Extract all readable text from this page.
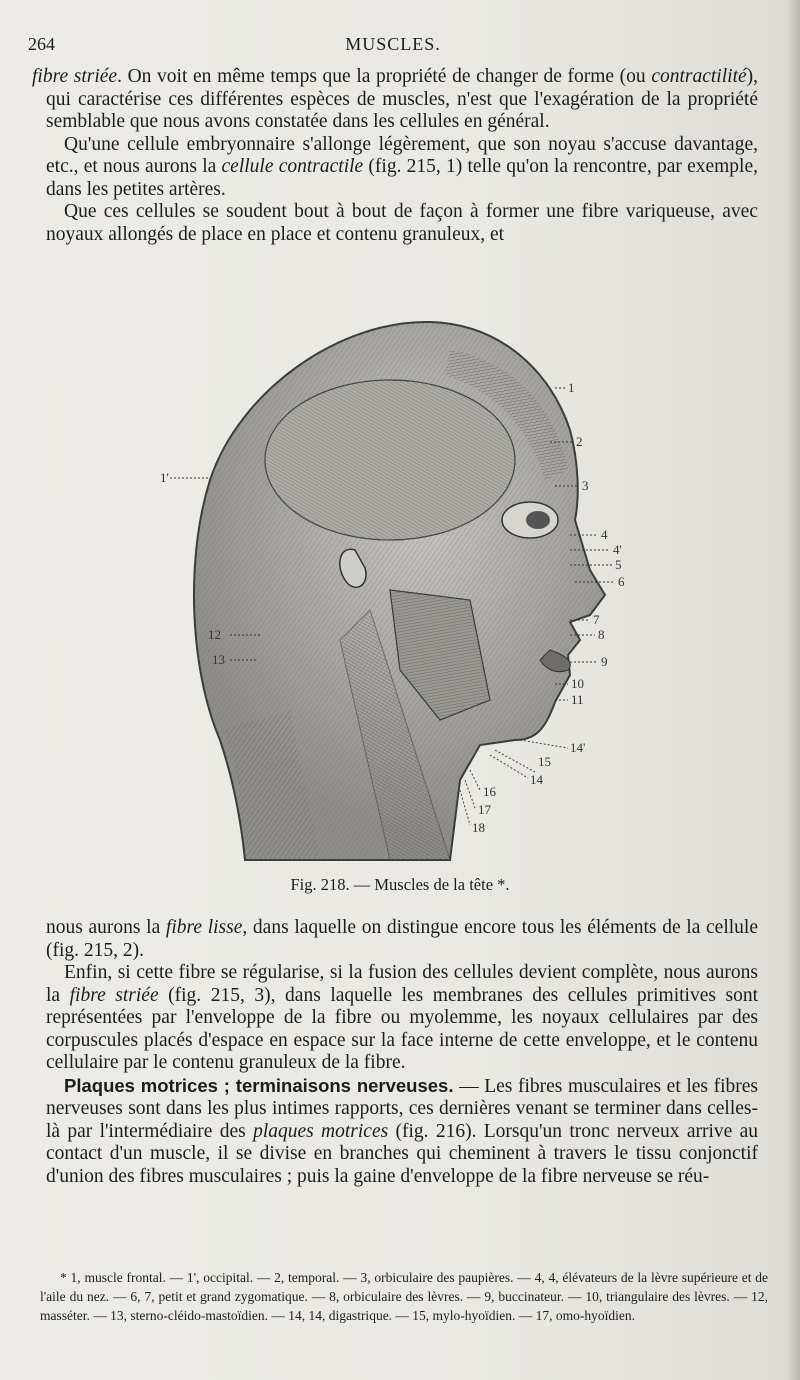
264	MUSCLES.

fibre striée. On voit en même temps que la propriété de changer de forme (ou contractilité), qui caractérise ces différentes espèces de muscles, n'est que l'exagération de la propriété semblable que nous avons constatée dans les cellules en général.

Qu'une cellule embryonnaire s'allonge légèrement, que son noyau s'accuse davantage, etc., et nous aurons la cellule contractile (fig. 215, 1) telle qu'on la rencontre, par exemple, dans les petites artères.

Que ces cellules se soudent bout à bout de façon à former une fibre variqueuse, avec noyaux allongés de place en place et contenu granuleux, et

1
1'
2
3
4
4'
5
6
7
8
9
10
11
12
13
14'
15
14
16
17
18
Fig. 218. — Muscles de la tête *.

nous aurons la fibre lisse, dans laquelle on distingue encore tous les éléments de la cellule (fig. 215, 2).

Enfin, si cette fibre se régularise, si la fusion des cellules devient complète, nous aurons la fibre striée (fig. 215, 3), dans laquelle les membranes des cellules primitives sont représentées par l'enveloppe de la fibre ou myolemme, les noyaux cellulaires par des corpuscules placés d'espace en espace sur la face interne de cette enveloppe, et le contenu cellulaire par le contenu granuleux de la fibre.

Plaques motrices ; terminaisons nerveuses. — Les fibres musculaires et les fibres nerveuses sont dans les plus intimes rapports, ces dernières venant se terminer dans celles-là par l'intermédiaire des plaques motrices (fig. 216). Lorsqu'un tronc nerveux arrive au contact d'un muscle, il se divise en branches qui cheminent à travers le tissu conjonctif d'union des fibres musculaires ; puis la gaine d'enveloppe de la fibre nerveuse se réu-

* 1, muscle frontal. — 1', occipital. — 2, temporal. — 3, orbiculaire des paupières. — 4, 4, élévateurs de la lèvre supérieure et de l'aile du nez. — 6, 7, petit et grand zygomatique. — 8, orbiculaire des lèvres. — 9, buccinateur. — 10, triangulaire des lèvres. — 12, masséter. — 13, sterno-cléido-mastoïdien. — 14, 14, digastrique. — 15, mylo-hyoïdien. — 17, omo-hyoïdien.
